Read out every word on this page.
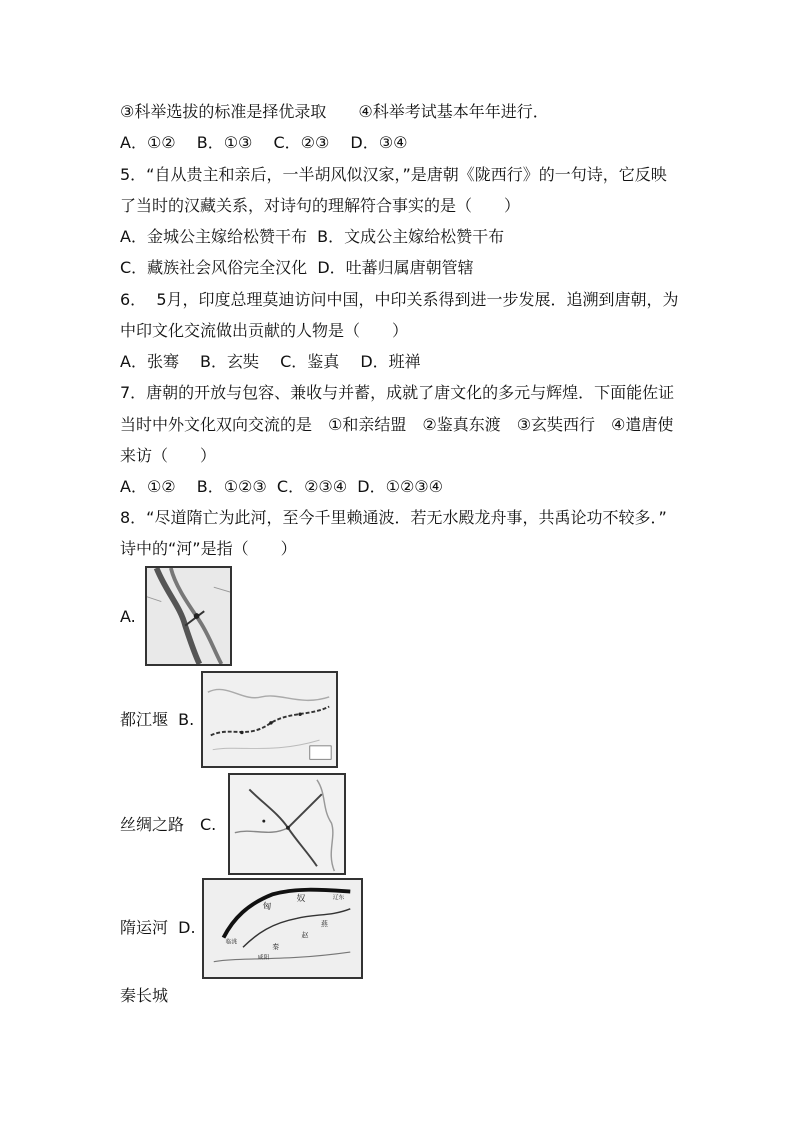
③科举选拔的标准是择优录取　　④科举考试基本年年进行．
A．①②　 B．①③　 C．②③　 D．③④
5．“自从贵主和亲后，一半胡风似汉家，”是唐朝《陇西行》的一句诗，它反映
了当时的汉藏关系，对诗句的理解符合事实的是（　　）
A．金城公主嫁给松赞干布  B．文成公主嫁给松赞干布
C．藏族社会风俗完全汉化  D．吐蕃归属唐朝管辖
6．  5月，印度总理莫迪访问中国，中印关系得到进一步发展．追溯到唐朝，为
中印文化交流做出贡献的人物是（　　）
A．张骞　 B．玄奘　 C．鉴真　 D．班禅
7．唐朝的开放与包容、兼收与并蓄，成就了唐文化的多元与辉煌．下面能佐证
当时中外文化双向交流的是　①和亲结盟　②鉴真东渡　③玄奘西行　④遣唐使
来访（　　）
A．①②　 B．①②③  C．②③④  D．①②③④
8．“尽道隋亡为此河，至今千里赖通波．若无水殿龙舟事，共禹论功不较多．”
诗中的“河”是指（　　）
A.
都江堰  B.
丝绸之路　C.
隋运河  D.
秦长城
匈
奴
燕
赵
秦
咸阳
临洮
辽东
